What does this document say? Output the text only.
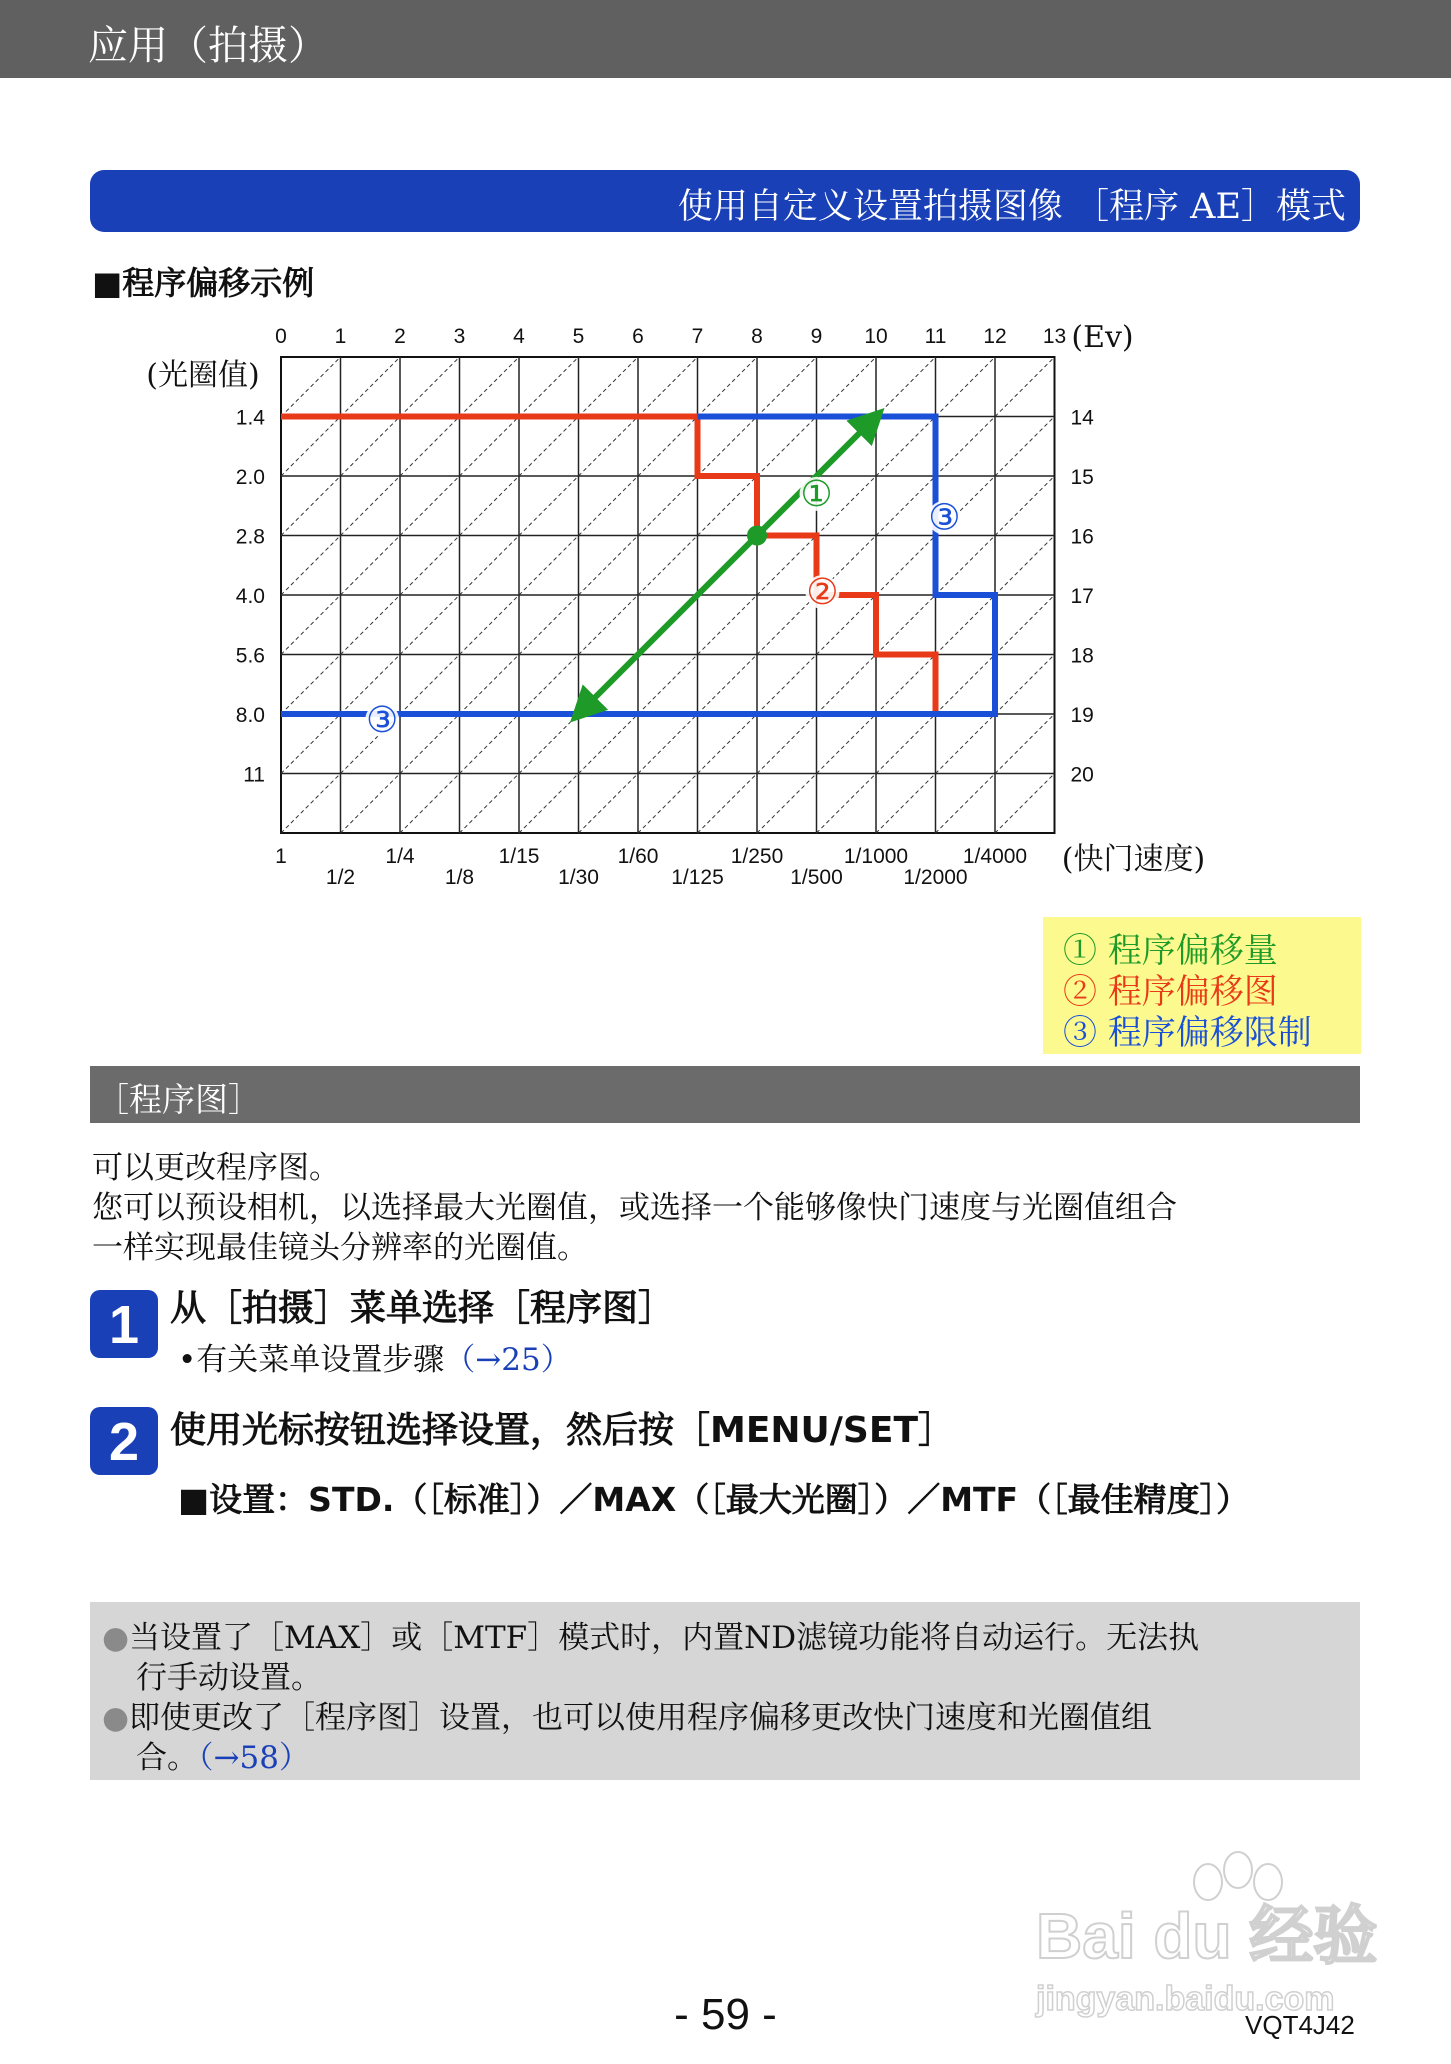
应用（拍摄）
使用自定义设置拍摄图像 ［程序 AE］模式
■程序偏移示例
0 1 2 3 4 5 6 7 8 9 10 11 12 13 (Ev)
(光圈值)
1.4
2.0
2.8
4.0
5.6
8.0
11
14
15
16
17
18
19
20
1	1/4	1/15	1/60	1/250	1/1000	1/4000
1/2	1/8	1/30	1/125	1/500	1/2000
(快门速度)
①
②
③
③
① 程序偏移量
② 程序偏移图
③ 程序偏移限制
［程序图］
可以更改程序图。
您可以预设相机，以选择最大光圈值，或选择一个能够像快门速度与光圈值组合
一样实现最佳镜头分辨率的光圈值。
1 从［拍摄］菜单选择［程序图］
•有关菜单设置步骤（→25）
2 使用光标按钮选择设置，然后按［MENU/SET］
■设置：STD.（［标准］）／MAX（［最大光圈］）／MTF（［最佳精度］）
●当设置了［MAX］或［MTF］模式时，内置ND滤镜功能将自动运行。无法执
行手动设置。
●即使更改了［程序图］设置，也可以使用程序偏移更改快门速度和光圈值组
合。（→58）
Bai du 经验
jingyan.baidu.com
- 59 -	VQT4J42
